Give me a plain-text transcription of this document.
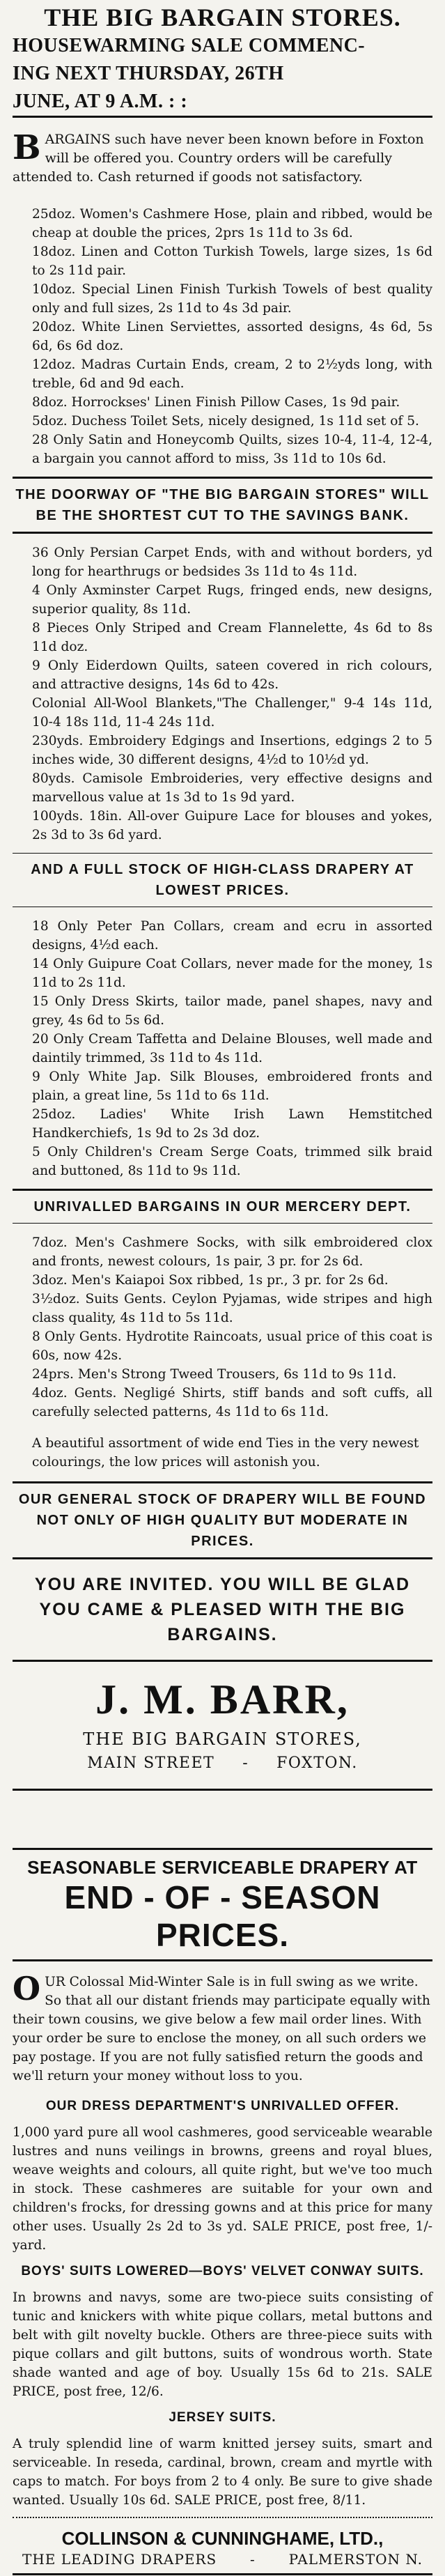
THE BIG BARGAIN STORES.

HOUSEWARMING SALE COMMENC-

ING NEXT THURSDAY, 26TH

JUNE, AT 9 A.M. : :

BARGAINS such have never been known before in Foxton will be offered you. Country orders will be carefully attended to. Cash returned if goods not satisfactory.

25doz. Women's Cashmere Hose, plain and ribbed, would be cheap at double the prices, 2prs 1s 11d to 3s 6d.

18doz. Linen and Cotton Turkish Towels, large sizes, 1s 6d to 2s 11d pair.

10doz. Special Linen Finish Turkish Towels of best quality only and full sizes, 2s 11d to 4s 3d pair.

20doz. White Linen Serviettes, assorted designs, 4s 6d, 5s 6d, 6s 6d doz.

12doz. Madras Curtain Ends, cream, 2 to 2½yds long, with treble, 6d and 9d each.

8doz. Horrockses' Linen Finish Pillow Cases, 1s 9d pair.

5doz. Duchess Toilet Sets, nicely designed, 1s 11d set of 5.

28 Only Satin and Honeycomb Quilts, sizes 10-4, 11-4, 12-4, a bargain you cannot afford to miss, 3s 11d to 10s 6d.

THE DOORWAY OF "THE BIG BARGAIN STORES" WILL BE THE SHORTEST CUT TO THE SAVINGS BANK.

36 Only Persian Carpet Ends, with and without borders, yd long for hearthrugs or bedsides 3s 11d to 4s 11d.

4 Only Axminster Carpet Rugs, fringed ends, new designs, superior quality, 8s 11d.

8 Pieces Only Striped and Cream Flannelette, 4s 6d to 8s 11d doz.

9 Only Eiderdown Quilts, sateen covered in rich colours, and attractive designs, 14s 6d to 42s.

Colonial All-Wool Blankets,"The Challenger," 9-4 14s 11d, 10-4 18s 11d, 11-4 24s 11d.

230yds. Embroidery Edgings and Insertions, edgings 2 to 5 inches wide, 30 different designs, 4½d to 10½d yd.

80yds. Camisole Embroideries, very effective designs and marvellous value at 1s 3d to 1s 9d yard.

100yds. 18in. All-over Guipure Lace for blouses and yokes, 2s 3d to 3s 6d yard.

AND A FULL STOCK OF HIGH-CLASS DRAPERY AT LOWEST PRICES.

18 Only Peter Pan Collars, cream and ecru in assorted designs, 4½d each.

14 Only Guipure Coat Collars, never made for the money, 1s 11d to 2s 11d.

15 Only Dress Skirts, tailor made, panel shapes, navy and grey, 4s 6d to 5s 6d.

20 Only Cream Taffetta and Delaine Blouses, well made and daintily trimmed, 3s 11d to 4s 11d.

9 Only White Jap. Silk Blouses, embroidered fronts and plain, a great line, 5s 11d to 6s 11d.

25doz. Ladies' White Irish Lawn Hemstitched Handkerchiefs, 1s 9d to 2s 3d doz.

5 Only Children's Cream Serge Coats, trimmed silk braid and buttoned, 8s 11d to 9s 11d.

UNRIVALLED BARGAINS IN OUR MERCERY DEPT.

7doz. Men's Cashmere Socks, with silk embroidered clox and fronts, newest colours, 1s pair, 3 pr. for 2s 6d.

3doz. Men's Kaiapoi Sox ribbed, 1s pr., 3 pr. for 2s 6d.

3½doz. Suits Gents. Ceylon Pyjamas, wide stripes and high class quality, 4s 11d to 5s 11d.

8 Only Gents. Hydrotite Raincoats, usual price of this coat is 60s, now 42s.

24prs. Men's Strong Tweed Trousers, 6s 11d to 9s 11d.

4doz. Gents. Negligé Shirts, stiff bands and soft cuffs, all carefully selected patterns, 4s 11d to 6s 11d.

A beautiful assortment of wide end Ties in the very newest colourings, the low prices will astonish you.

OUR GENERAL STOCK OF DRAPERY WILL BE FOUND NOT ONLY OF HIGH QUALITY BUT MODERATE IN PRICES.

YOU ARE INVITED. YOU WILL BE GLAD YOU CAME & PLEASED WITH THE BIG BARGAINS.

J. M. BARR,

THE BIG BARGAIN STORES,

MAIN STREET - FOXTON.

SEASONABLE SERVICEABLE DRAPERY AT

END - OF - SEASON PRICES.

OUR Colossal Mid-Winter Sale is in full swing as we write. So that all our distant friends may participate equally with their town cousins, we give below a few mail order lines. With your order be sure to enclose the money, on all such orders we pay postage. If you are not fully satisfied return the goods and we'll return your money without loss to you.

OUR DRESS DEPARTMENT'S UNRIVALLED OFFER.

1,000 yard pure all wool cashmeres, good serviceable wearable lustres and nuns veilings in browns, greens and royal blues, weave weights and colours, all quite right, but we've too much in stock. These cashmeres are suitable for your own and children's frocks, for dressing gowns and at this price for many other uses. Usually 2s 2d to 3s yd. SALE PRICE, post free, 1/- yard.

BOYS' SUITS LOWERED—BOYS' VELVET CONWAY SUITS.

In browns and navys, some are two-piece suits consisting of tunic and knickers with white pique collars, metal buttons and belt with gilt novelty buckle. Others are three-piece suits with pique collars and gilt buttons, suits of wondrous worth. State shade wanted and age of boy. Usually 15s 6d to 21s. SALE PRICE, post free, 12/6.

JERSEY SUITS.

A truly splendid line of warm knitted jersey suits, smart and serviceable. In reseda, cardinal, brown, cream and myrtle with caps to match. For boys from 2 to 4 only. Be sure to give shade wanted. Usually 10s 6d. SALE PRICE, post free, 8/11.

COLLINSON & CUNNINGHAME, LTD.,

THE LEADING DRAPERS - PALMERSTON N.
